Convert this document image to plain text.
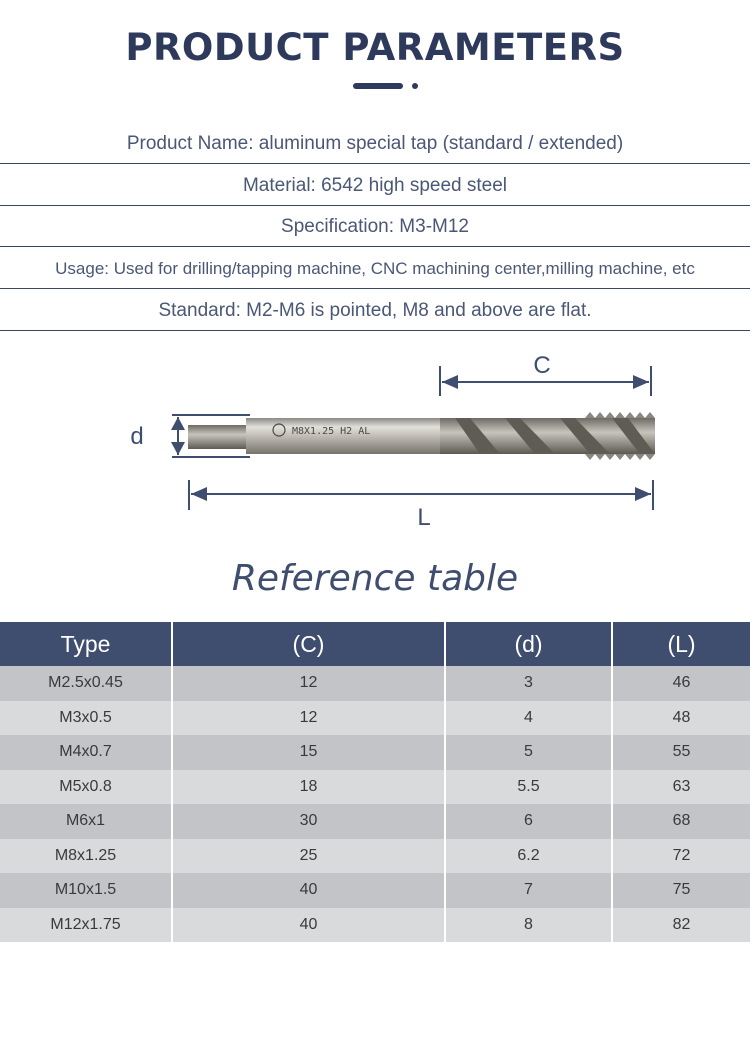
PRODUCT PARAMETERS
Product Name: aluminum special tap (standard / extended)
Material: 6542 high speed steel
Specification: M3-M12
Usage: Used for drilling/tapping machine, CNC machining center,milling machine, etc
Standard: M2-M6 is pointed, M8 and above are flat.
C
d	M8X1.25 H2 AL
L
Reference table
Type	(C)	(d)	(L)
M2.5x0.45	12	3	46
M3x0.5	12	4	48
M4x0.7	15	5	55
M5x0.8	18	5.5	63
M6x1	30	6	68
M8x1.25	25	6.2	72
M10x1.5	40	7	75
M12x1.75	40	8	82
